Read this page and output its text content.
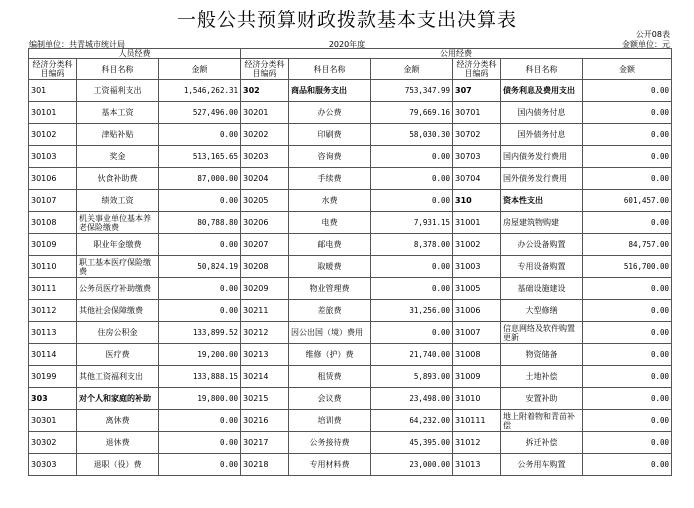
一般公共预算财政拨款基本支出决算表
公开08表
编制单位：共青城市统计局	2020年度	金额单位：元
人员经费			公用经费					
经济分类科目编码	科目名称	金额	经济分类科目编码	科目名称	金额	经济分类科目编码	科目名称	金额
301	工资福利支出	1,546,262.31	302	商品和服务支出	753,347.99	307	债务利息及费用支出	0.00
30101	基本工资	527,496.00	30201	办公费	79,669.16	30701	国内债务付息	0.00
30102	津贴补贴	0.00	30202	印刷费	58,030.30	30702	国外债务付息	0.00
30103	奖金	513,165.65	30203	咨询费	0.00	30703	国内债务发行费用	0.00
30106	伙食补助费	87,000.00	30204	手续费	0.00	30704	国外债务发行费用	0.00
30107	绩效工资	0.00	30205	水费	0.00	310	资本性支出	601,457.00
30108	机关事业单位基本养老保险缴费	80,788.80	30206	电费	7,931.15	31001	房屋建筑物购建	0.00
30109	职业年金缴费	0.00	30207	邮电费	8,378.00	31002	办公设备购置	84,757.00
30110	职工基本医疗保险缴费	50,824.19	30208	取暖费	0.00	31003	专用设备购置	516,700.00
30111	公务员医疗补助缴费	0.00	30209	物业管理费	0.00	31005	基础设施建设	0.00
30112	其他社会保障缴费	0.00	30211	差旅费	31,256.00	31006	大型修缮	0.00
30113	住房公积金	133,899.52	30212	因公出国（境）费用	0.00	31007	信息网络及软件购置更新	0.00
30114	医疗费	19,200.00	30213	维修（护）费	21,740.00	31008	物资储备	0.00
30199	其他工资福利支出	133,888.15	30214	租赁费	5,893.00	31009	土地补偿	0.00
303	对个人和家庭的补助	19,800.00	30215	会议费	23,498.00	31010	安置补助	0.00
30301	离休费	0.00	30216	培训费	64,232.00	310111	地上附着物和青苗补偿	0.00
30302	退休费	0.00	30217	公务接待费	45,395.00	31012	拆迁补偿	0.00
30303	退职（役）费	0.00	30218	专用材料费	23,000.00	31013	公务用车购置	0.00
